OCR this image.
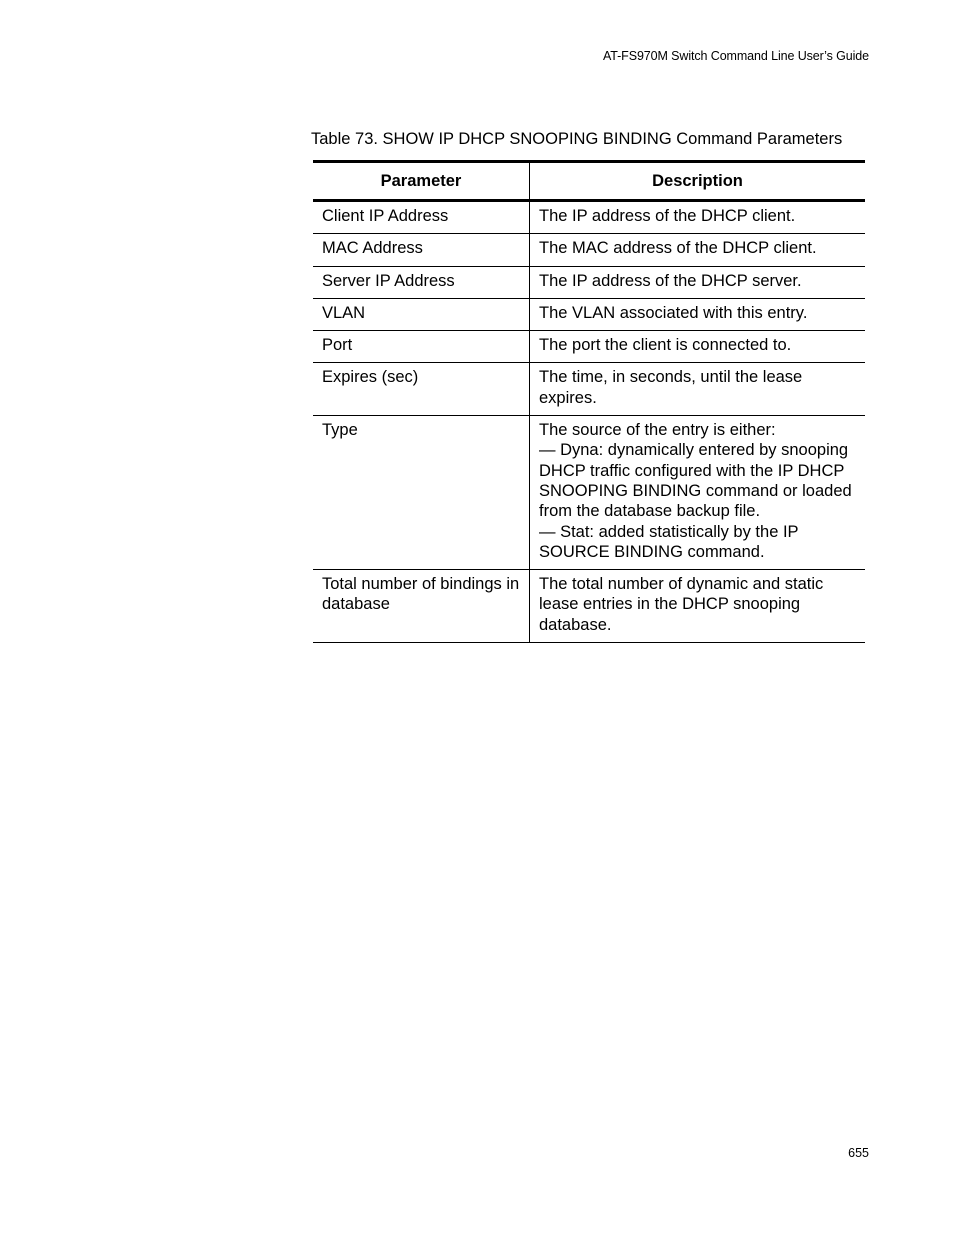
AT-FS970M Switch Command Line User’s Guide
Table 73. SHOW IP DHCP SNOOPING BINDING Command Parameters
Parameter	Description
Client IP Address	The IP address of the DHCP client.

MAC Address	The MAC address of the DHCP client.

Server IP Address	The IP address of the DHCP server.

VLAN	The VLAN associated with this entry.

Port	The port the client is connected to.

Expires (sec)	The time, in seconds, until the lease expires.

Type	The source of the entry is either:
— Dyna: dynamically entered by snooping DHCP traffic configured with the IP DHCP SNOOPING BINDING command or loaded from the database backup file.
— Stat: added statistically by the IP SOURCE BINDING command.

Total number of bindings in database	The total number of dynamic and static lease entries in the DHCP snooping database.
655
